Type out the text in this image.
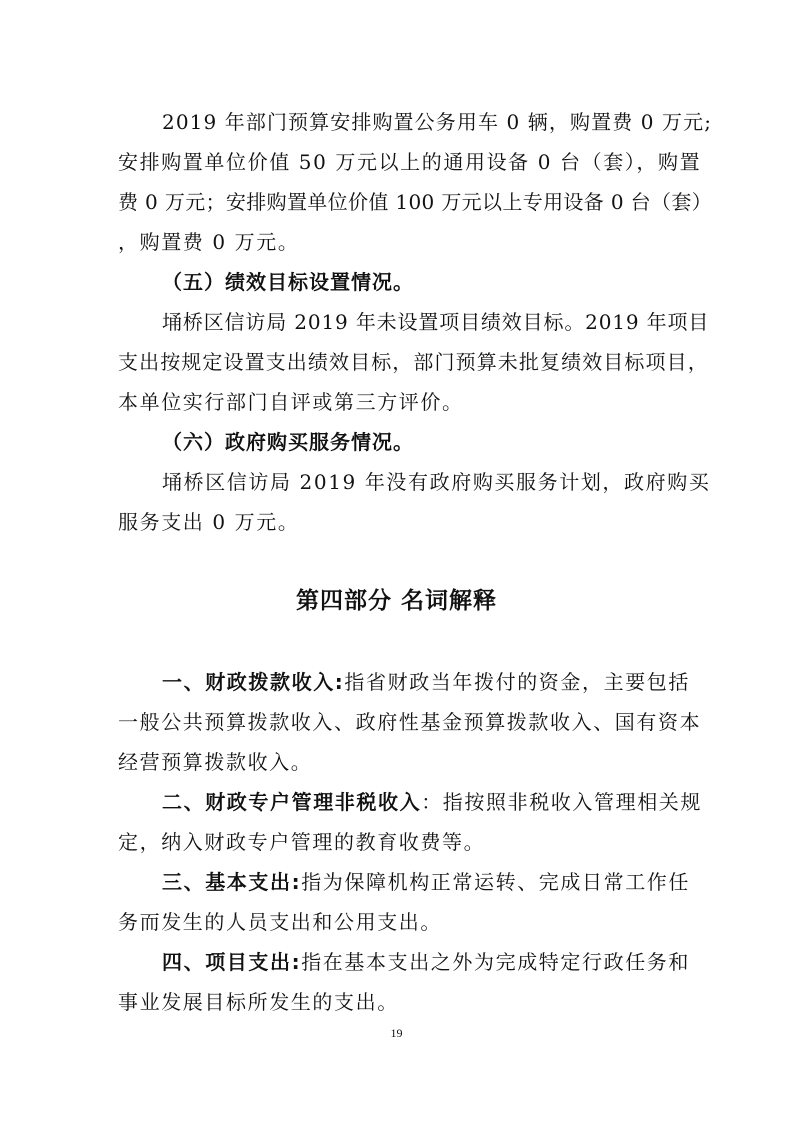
2019 年部门预算安排购置公务用车 0 辆，购置费 0 万元;

安排购置单位价值 50 万元以上的通用设备 0 台（套），购置

费 0 万元；安排购置单位价值 100 万元以上专用设备 0 台（套）

，购置费 0 万元。

（五）绩效目标设置情况。

埇桥区信访局 2019 年未设置项目绩效目标。2019 年项目

支出按规定设置支出绩效目标，部门预算未批复绩效目标项目，

本单位实行部门自评或第三方评价。

（六）政府购买服务情况。

埇桥区信访局 2019 年没有政府购买服务计划，政府购买

服务支出 0 万元。

第四部分 名词解释

一、财政拨款收入:指省财政当年拨付的资金，主要包括

一般公共预算拨款收入、政府性基金预算拨款收入、国有资本

经营预算拨款收入。

二、财政专户管理非税收入：指按照非税收入管理相关规

定，纳入财政专户管理的教育收费等。

三、基本支出:指为保障机构正常运转、完成日常工作任

务而发生的人员支出和公用支出。

四、项目支出:指在基本支出之外为完成特定行政任务和

事业发展目标所发生的支出。

19
